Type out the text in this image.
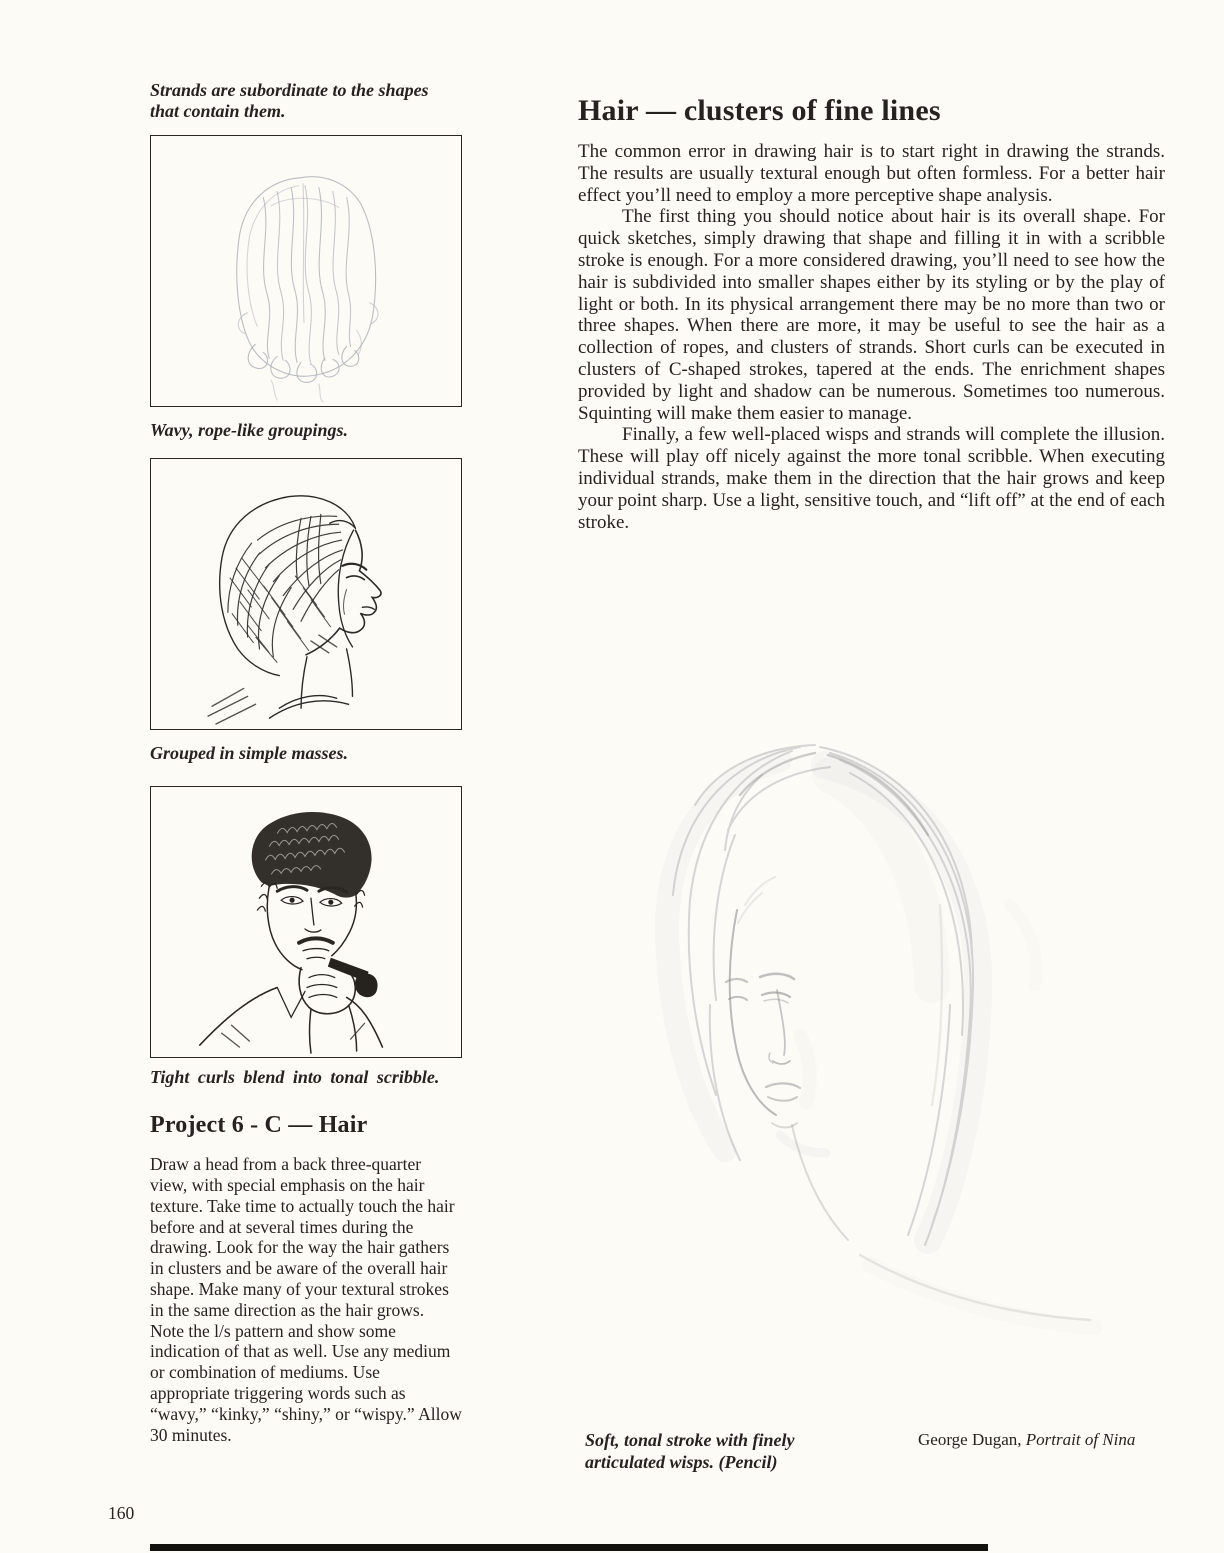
Strands are subordinate to the shapes that contain them.

Wavy, rope-like groupings.

Grouped in simple masses.

Tight curls blend into tonal scribble.

Project 6 - C — Hair

Draw a head from a back three-quarter view, with special emphasis on the hair texture. Take time to actually touch the hair before and at several times during the drawing. Look for the way the hair gathers in clusters and be aware of the overall hair shape. Make many of your textural strokes in the same direction as the hair grows. Note the l/s pattern and show some indication of that as well. Use any medium or combination of mediums. Use appropriate triggering words such as “wavy,” “kinky,” “shiny,” or “wispy.” Allow 30 minutes.

Hair — clusters of fine lines

The common error in drawing hair is to start right in drawing the strands. The results are usually textural enough but often formless. For a better hair effect you’ll need to employ a more perceptive shape analysis.

The first thing you should notice about hair is its overall shape. For quick sketches, simply drawing that shape and filling it in with a scribble stroke is enough. For a more considered drawing, you’ll need to see how the hair is subdivided into smaller shapes either by its styling or by the play of light or both. In its physical arrangement there may be no more than two or three shapes. When there are more, it may be useful to see the hair as a collection of ropes, and clusters of strands. Short curls can be executed in clusters of C-shaped strokes, tapered at the ends. The enrichment shapes provided by light and shadow can be numerous. Sometimes too numerous. Squinting will make them easier to manage.

Finally, a few well-placed wisps and strands will complete the illusion. These will play off nicely against the more tonal scribble. When executing individual strands, make them in the direction that the hair grows and keep your point sharp. Use a light, sensitive touch, and “lift off” at the end of each stroke.

Soft, tonal stroke with finely articulated wisps. (Pencil)

George Dugan, Portrait of Nina

160
